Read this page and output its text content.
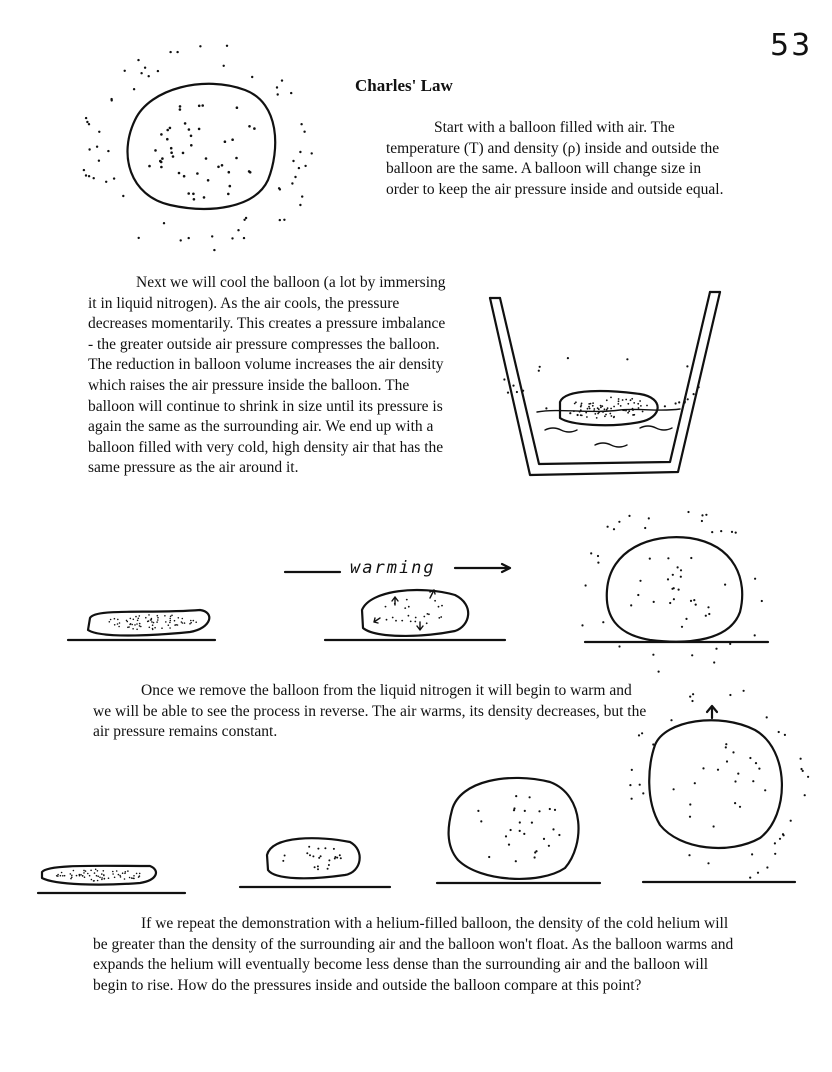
53
Charles' Law
warming

Start with a balloon filled with air. The temperature (T) and density (ρ) inside and outside the balloon are the same. A balloon will change size in order to keep the air pressure inside and outside equal.

Next we will cool the balloon (a lot by immersing it in liquid nitrogen). As the air cools, the pressure decreases momentarily. This creates a pressure imbalance - the greater outside air pressure compresses the balloon. The reduction in balloon volume increases the air density which raises the air pressure inside the balloon. The balloon will continue to shrink in size until its pressure is again the same as the surrounding air. We end up with a balloon filled with very cold, high density air that has the same pressure as the air around it.

Once we remove the balloon from the liquid nitrogen it will begin to warm and we will be able to see the process in reverse. The air warms, its density decreases, but the air pressure remains constant.

If we repeat the demonstration with a helium-filled balloon, the density of the cold helium will be greater than the density of the surrounding air and the balloon won't float. As the balloon warms and expands the helium will eventually become less dense than the surrounding air and the balloon will begin to rise. How do the pressures inside and outside the balloon compare at this point?
